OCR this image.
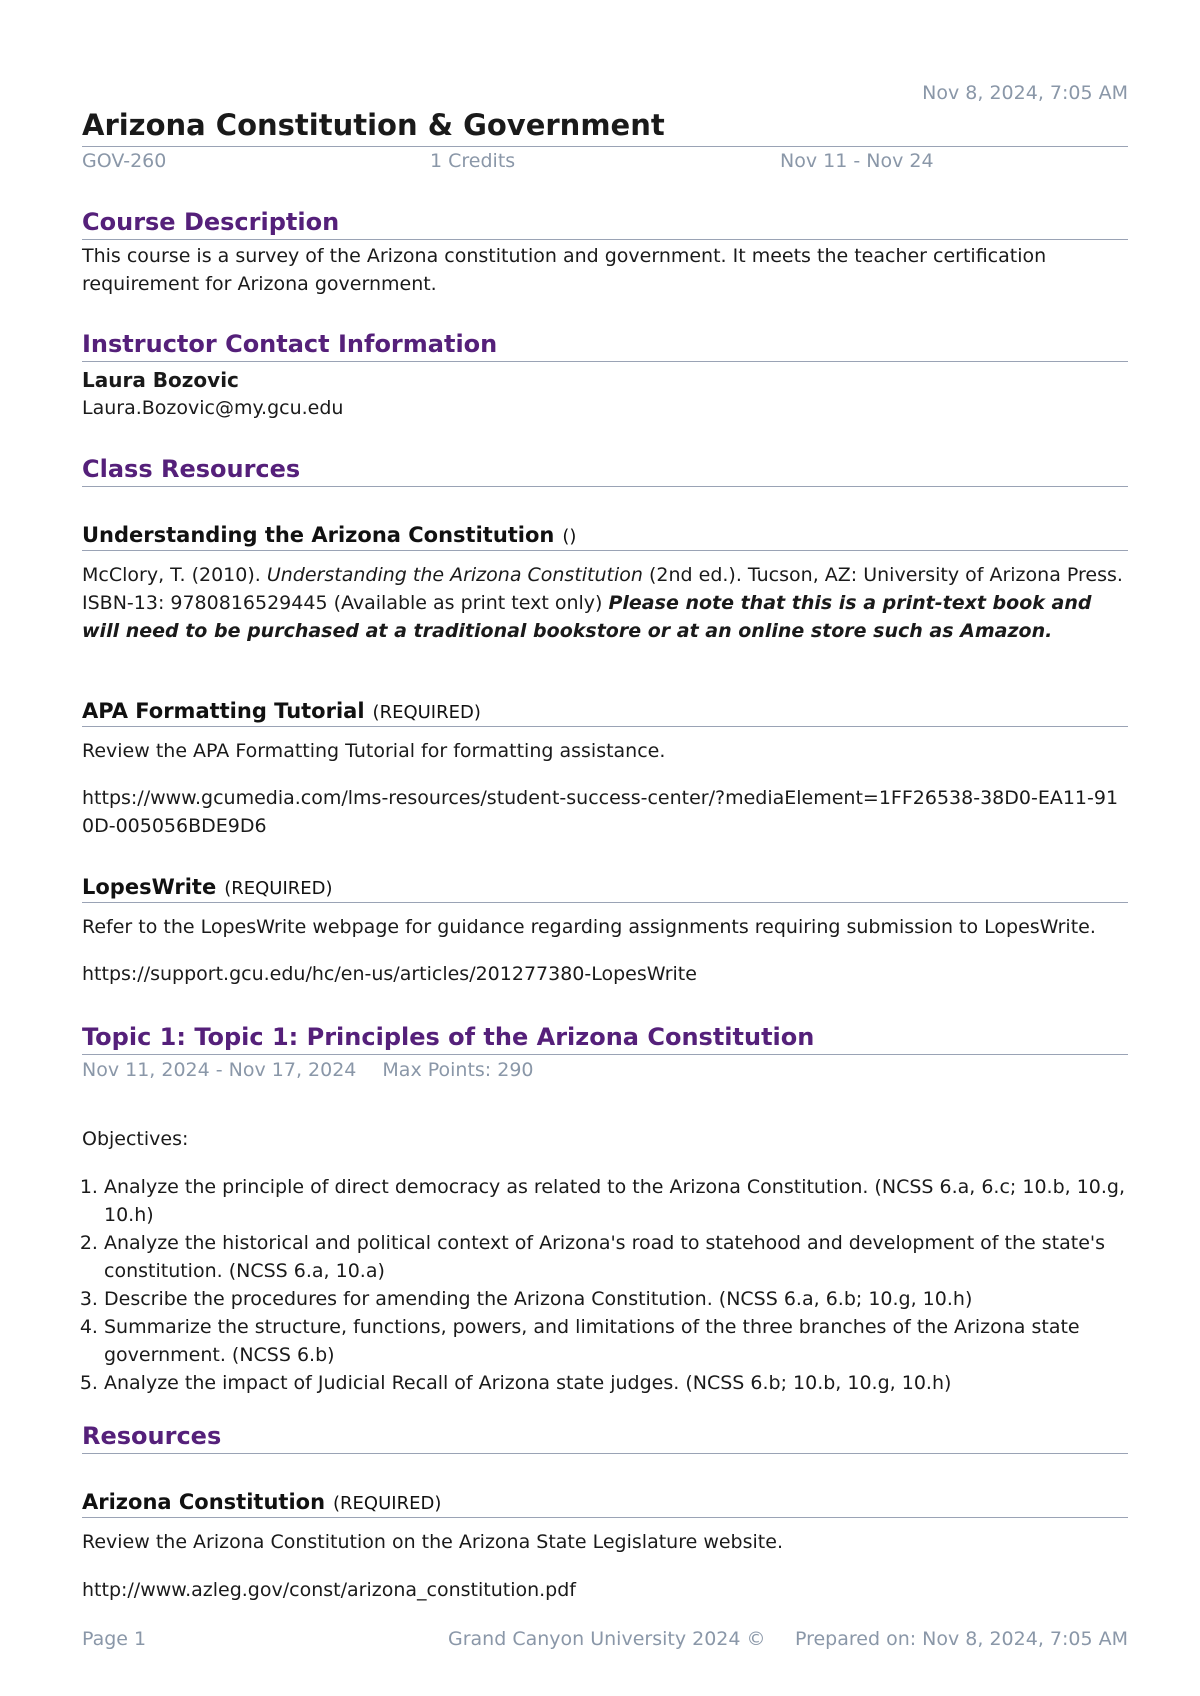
Nov 8, 2024, 7:05 AM
Arizona Constitution & Government
GOV-260	1 Credits	Nov 11 - Nov 24
Course Description

This course is a survey of the Arizona constitution and government. It meets the teacher certification requirement for Arizona government.

Instructor Contact Information
Laura Bozovic
Laura.Bozovic@my.gcu.edu
Class Resources
Understanding the Arizona Constitution ()

McClory, T. (2010). Understanding the Arizona Constitution (2nd ed.). Tucson, AZ: University of Arizona Press. ISBN-13: 9780816529445 (Available as print text only) Please note that this is a print-text book and will need to be purchased at a traditional bookstore or at an online store such as Amazon.

APA Formatting Tutorial (REQUIRED)

Review the APA Formatting Tutorial for formatting assistance.

https://www.gcumedia.com/lms-resources/student-success-center/?mediaElement=1FF26538-38D0-EA11-910D-005056BDE9D6

LopesWrite (REQUIRED)

Refer to the LopesWrite webpage for guidance regarding assignments requiring submission to LopesWrite.

https://support.gcu.edu/hc/en-us/articles/201277380-LopesWrite

Topic 1: Topic 1: Principles of the Arizona Constitution
Nov 11, 2024 - Nov 17, 2024 Max Points: 290
Objectives:
1. Analyze the principle of direct democracy as related to the Arizona Constitution. (NCSS 6.a, 6.c; 10.b, 10.g, 10.h)
2. Analyze the historical and political context of Arizona's road to statehood and development of the state's constitution. (NCSS 6.a, 10.a)
3. Describe the procedures for amending the Arizona Constitution. (NCSS 6.a, 6.b; 10.g, 10.h)
4. Summarize the structure, functions, powers, and limitations of the three branches of the Arizona state government. (NCSS 6.b)
5. Analyze the impact of Judicial Recall of Arizona state judges. (NCSS 6.b; 10.b, 10.g, 10.h)
Resources
Arizona Constitution (REQUIRED)

Review the Arizona Constitution on the Arizona State Legislature website.

http://www.azleg.gov/const/arizona_constitution.pdf

Page 1	Grand Canyon University 2024 © Prepared on: Nov 8, 2024, 7:05 AM
